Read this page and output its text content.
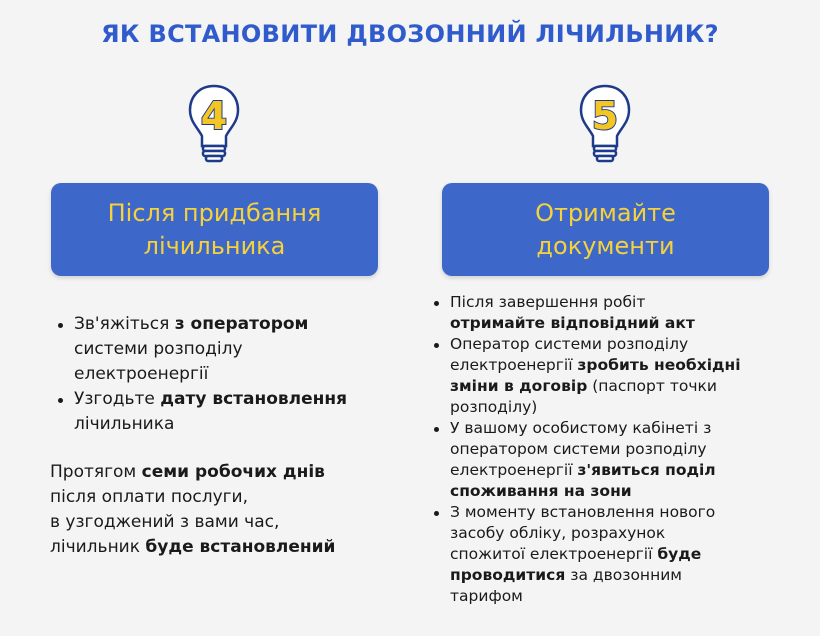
ЯК ВСТАНОВИТИ ДВОЗОННИЙ ЛІЧИЛЬНИК?
4	5
Після придбання
лічильника
Отримайте
документи
Зв'яжіться з оператором
системи розподілу
електроенергії
Узгодьте дату встановлення
лічильника
Протягом семи робочих днів
після оплати послуги,
в узгоджений з вами час,
лічильник буде встановлений
Після завершення робіт
отримайте відповідний акт
Оператор системи розподілу
електроенергії зробить необхідні
зміни в договір (паспорт точки
розподілу)
У вашому особистому кабінеті з
оператором системи розподілу
електроенергії з'явиться поділ
споживання на зони
З моменту встановлення нового
засобу обліку, розрахунок
спожитої електроенергії буде
проводитися за двозонним
тарифом
